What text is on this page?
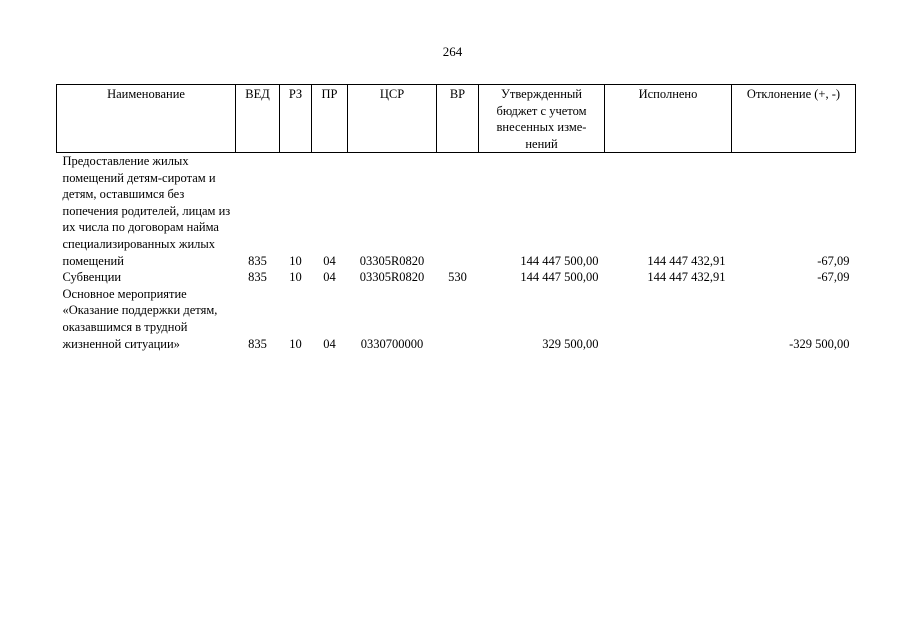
264
Наименование	ВЕД	РЗ	ПР	ЦСР	ВР	Утвержденный бюджет с учетом внесенных изме-нений	Исполнено	Отклонение (+, -)
Предоставление жилых помещений детям-сиротам и детям, оставшимся без попечения родителей, лицам из их числа по договорам найма специализированных жилых помещений	835	10	04	03305R0820		144 447 500,00	144 447 432,91	-67,09
Субвенции	835	10	04	03305R0820	530	144 447 500,00	144 447 432,91	-67,09
Основное мероприятие «Оказание поддержки детям, оказавшимся в трудной жизненной ситуации»	835	10	04	0330700000		329 500,00		-329 500,00
